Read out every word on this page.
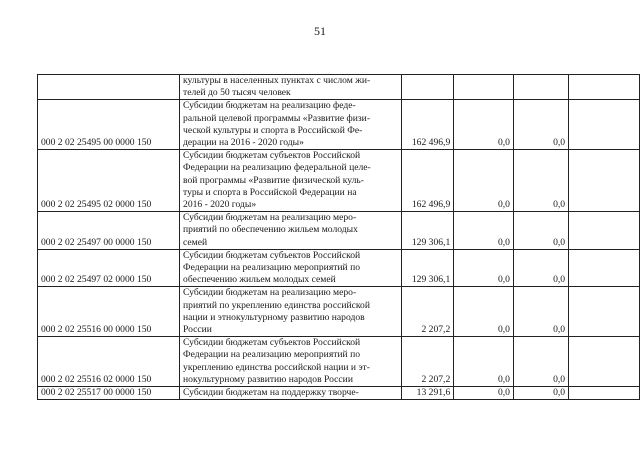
51

	культуры в населенных пунктах с числом жи-
телей до 50 тысяч человек				

000 2 02 25495 00 0000 150	Субсидии бюджетам на реализацию феде-
ральной целевой программы «Развитие физи-
ческой культуры и спорта в Российской Фе-
дерации на 2016 - 2020 годы»	162 496,9	0,0	0,0	
000 2 02 25495 02 0000 150	Субсидии бюджетам субъектов Российской
Федерации на реализацию федеральной целе-
вой программы «Развитие физической куль-
туры и спорта в Российской Федерации на
2016 - 2020 годы»	162 496,9	0,0	0,0	
000 2 02 25497 00 0000 150	Субсидии бюджетам на реализацию меро-
приятий по обеспечению жильем молодых
семей	129 306,1	0,0	0,0	
000 2 02 25497 02 0000 150	Субсидии бюджетам субъектов Российской
Федерации на реализацию мероприятий по
обеспечению жильем молодых семей	129 306,1	0,0	0,0	
000 2 02 25516 00 0000 150	Субсидии бюджетам на реализацию меро-
приятий по укреплению единства российской
нации и этнокультурному развитию народов
России	2 207,2	0,0	0,0	
000 2 02 25516 02 0000 150	Субсидии бюджетам субъектов Российской
Федерации на реализацию мероприятий по
укреплению единства российской нации и эт-
нокультурному развитию народов России	2 207,2	0,0	0,0	
000 2 02 25517 00 0000 150	Субсидии бюджетам на поддержку творче-	13 291,6	0,0	0,0	
